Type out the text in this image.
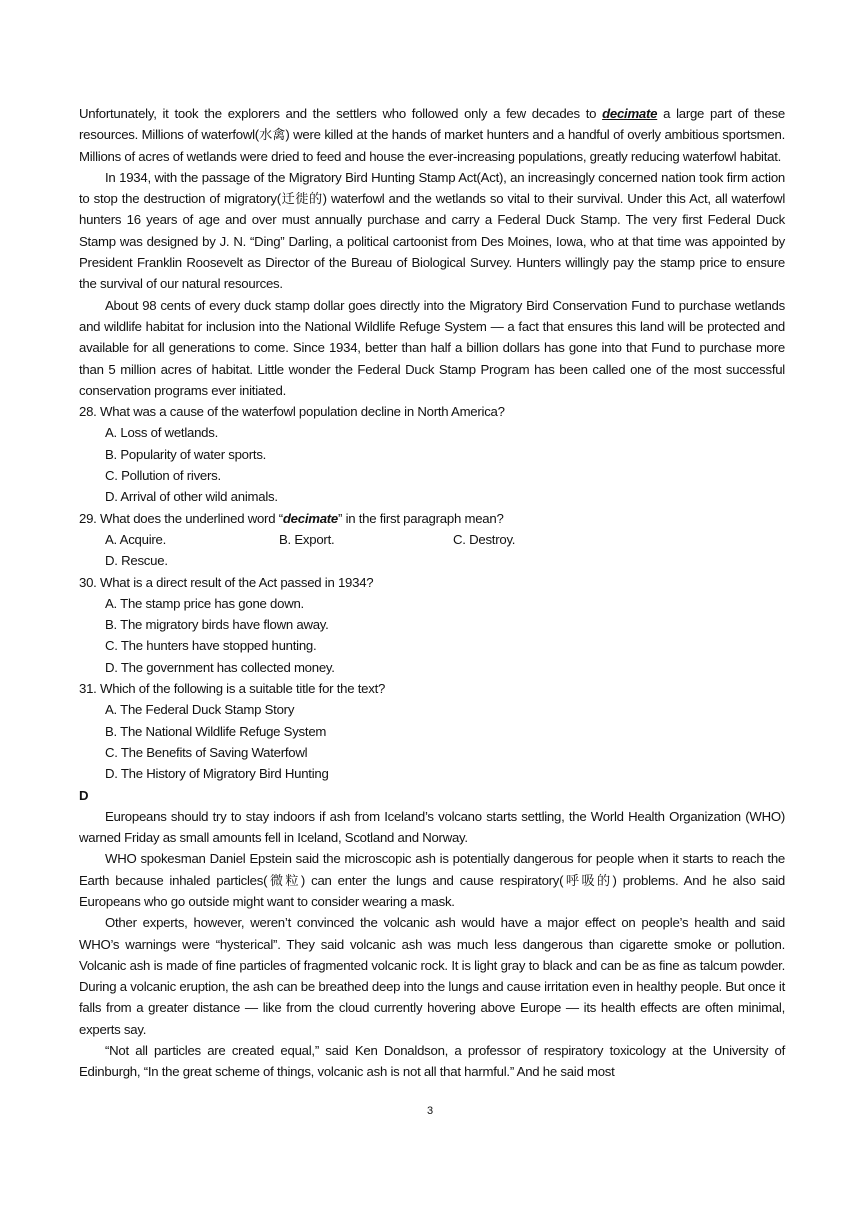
Unfortunately, it took the explorers and the settlers who followed only a few decades to decimate a large part of these resources. Millions of waterfowl(水禽) were killed at the hands of market hunters and a handful of overly ambitious sportsmen. Millions of acres of wetlands were dried to feed and house the ever-increasing populations, greatly reducing waterfowl habitat.

In 1934, with the passage of the Migratory Bird Hunting Stamp Act(Act), an increasingly concerned nation took firm action to stop the destruction of migratory(迁徙的) waterfowl and the wetlands so vital to their survival. Under this Act, all waterfowl hunters 16 years of age and over must annually purchase and carry a Federal Duck Stamp. The very first Federal Duck Stamp was designed by J. N. “Ding” Darling, a political cartoonist from Des Moines, Iowa, who at that time was appointed by President Franklin Roosevelt as Director of the Bureau of Biological Survey. Hunters willingly pay the stamp price to ensure the survival of our natural resources.

About 98 cents of every duck stamp dollar goes directly into the Migratory Bird Conservation Fund to purchase wetlands and wildlife habitat for inclusion into the National Wildlife Refuge System — a fact that ensures this land will be protected and available for all generations to come. Since 1934, better than half a billion dollars has gone into that Fund to purchase more than 5 million acres of habitat. Little wonder the Federal Duck Stamp Program has been called one of the most successful conservation programs ever initiated.

28. What was a cause of the waterfowl population decline in North America?

A. Loss of wetlands.B. Popularity of water sports.
C. Pollution of rivers.D. Arrival of other wild animals.

29. What does the underlined word “decimate” in the first paragraph mean?

A. Acquire.	B. Export.	C. Destroy.D. Rescue.

30. What is a direct result of the Act passed in 1934?

A. The stamp price has gone down.
B. The migratory birds have flown away.
C. The hunters have stopped hunting.
D. The government has collected money.

31. Which of the following is a suitable title for the text?

A. The Federal Duck Stamp Story
B. The National Wildlife Refuge System
C. The Benefits of Saving Waterfowl
D. The History of Migratory Bird Hunting

D

Europeans should try to stay indoors if ash from Iceland’s volcano starts settling, the World Health Organization (WHO) warned Friday as small amounts fell in Iceland, Scotland and Norway.

WHO spokesman Daniel Epstein said the microscopic ash is potentially dangerous for people when it starts to reach the Earth because inhaled particles(微粒) can enter the lungs and cause respiratory(呼吸的) problems. And he also said Europeans who go outside might want to consider wearing a mask.

Other experts, however, weren’t convinced the volcanic ash would have a major effect on people’s health and said WHO’s warnings were “hysterical”. They said volcanic ash was much less dangerous than cigarette smoke or pollution. Volcanic ash is made of fine particles of fragmented volcanic rock. It is light gray to black and can be as fine as talcum powder. During a volcanic eruption, the ash can be breathed deep into the lungs and cause irritation even in healthy people. But once it falls from a greater distance — like from the cloud currently hovering above Europe — its health effects are often minimal, experts say.

“Not all particles are created equal,” said Ken Donaldson, a professor of respiratory toxicology at the University of Edinburgh, “In the great scheme of things, volcanic ash is not all that harmful.” And he said most

3
